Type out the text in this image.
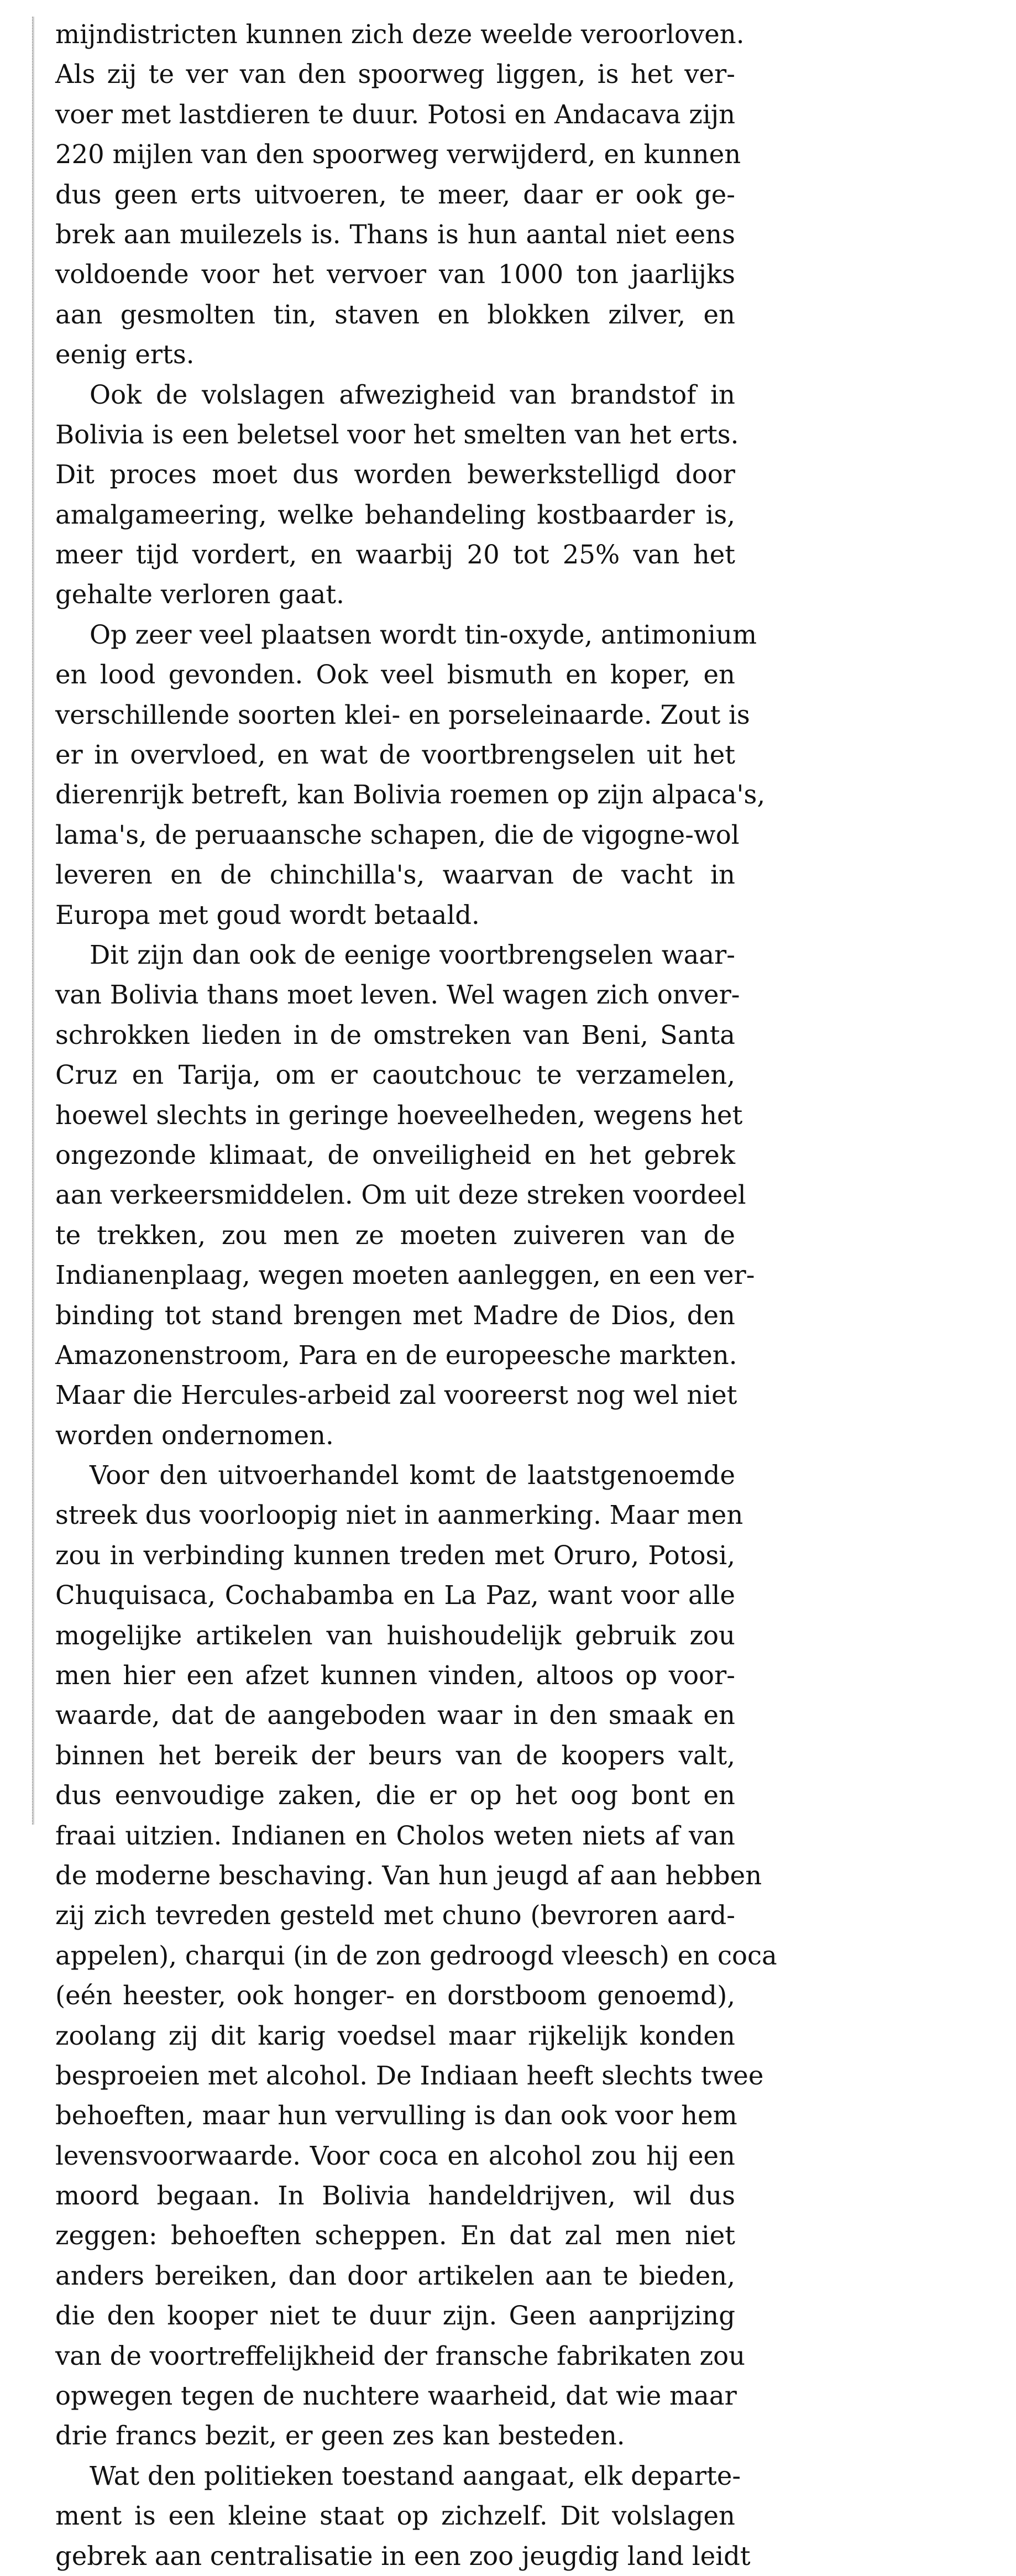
mijndistricten kunnen zich deze weelde veroorloven.
Als zij te ver van den spoorweg liggen, is het ver-
voer met lastdieren te duur. Potosi en Andacava zijn
220 mijlen van den spoorweg verwijderd, en kunnen
dus geen erts uitvoeren, te meer, daar er ook ge-
brek aan muilezels is. Thans is hun aantal niet eens
voldoende voor het vervoer van 1000 ton jaarlijks
aan gesmolten tin, staven en blokken zilver, en
eenig erts.
Ook de volslagen afwezigheid van brandstof in
Bolivia is een beletsel voor het smelten van het erts.
Dit proces moet dus worden bewerkstelligd door
amalgameering, welke behandeling kostbaarder is,
meer tijd vordert, en waarbij 20 tot 25% van het
gehalte verloren gaat.
Op zeer veel plaatsen wordt tin-oxyde, antimonium
en lood gevonden. Ook veel bismuth en koper, en
verschillende soorten klei- en porseleinaarde. Zout is
er in overvloed, en wat de voortbrengselen uit het
dierenrijk betreft, kan Bolivia roemen op zijn alpaca's,
lama's, de peruaansche schapen, die de vigogne-wol
leveren en de chinchilla's, waarvan de vacht in
Europa met goud wordt betaald.
Dit zijn dan ook de eenige voortbrengselen waar-
van Bolivia thans moet leven. Wel wagen zich onver-
schrokken lieden in de omstreken van Beni, Santa
Cruz en Tarija, om er caoutchouc te verzamelen,
hoewel slechts in geringe hoeveelheden, wegens het
ongezonde klimaat, de onveiligheid en het gebrek
aan verkeersmiddelen. Om uit deze streken voordeel
te trekken, zou men ze moeten zuiveren van de
Indianenplaag, wegen moeten aanleggen, en een ver-
binding tot stand brengen met Madre de Dios, den
Amazonenstroom, Para en de europeesche markten.
Maar die Hercules-arbeid zal vooreerst nog wel niet
worden ondernomen.
Voor den uitvoerhandel komt de laatstgenoemde
streek dus voorloopig niet in aanmerking. Maar men
zou in verbinding kunnen treden met Oruro, Potosi,
Chuquisaca, Cochabamba en La Paz, want voor alle
mogelijke artikelen van huishoudelijk gebruik zou
men hier een afzet kunnen vinden, altoos op voor-
waarde, dat de aangeboden waar in den smaak en
binnen het bereik der beurs van de koopers valt,
dus eenvoudige zaken, die er op het oog bont en
fraai uitzien. Indianen en Cholos weten niets af van
de moderne beschaving. Van hun jeugd af aan hebben
zij zich tevreden gesteld met chuno (bevroren aard-
appelen), charqui (in de zon gedroogd vleesch) en coca
(eén heester, ook honger- en dorstboom genoemd),
zoolang zij dit karig voedsel maar rijkelijk konden
besproeien met alcohol. De Indiaan heeft slechts twee
behoeften, maar hun vervulling is dan ook voor hem
levensvoorwaarde. Voor coca en alcohol zou hij een
moord begaan. In Bolivia handeldrijven, wil dus
zeggen: behoeften scheppen. En dat zal men niet
anders bereiken, dan door artikelen aan te bieden,
die den kooper niet te duur zijn. Geen aanprijzing
van de voortreffelijkheid der fransche fabrikaten zou
opwegen tegen de nuchtere waarheid, dat wie maar
drie francs bezit, er geen zes kan besteden.
Wat den politieken toestand aangaat, elk departe-
ment is een kleine staat op zichzelf. Dit volslagen
gebrek aan centralisatie in een zoo jeugdig land leidt
